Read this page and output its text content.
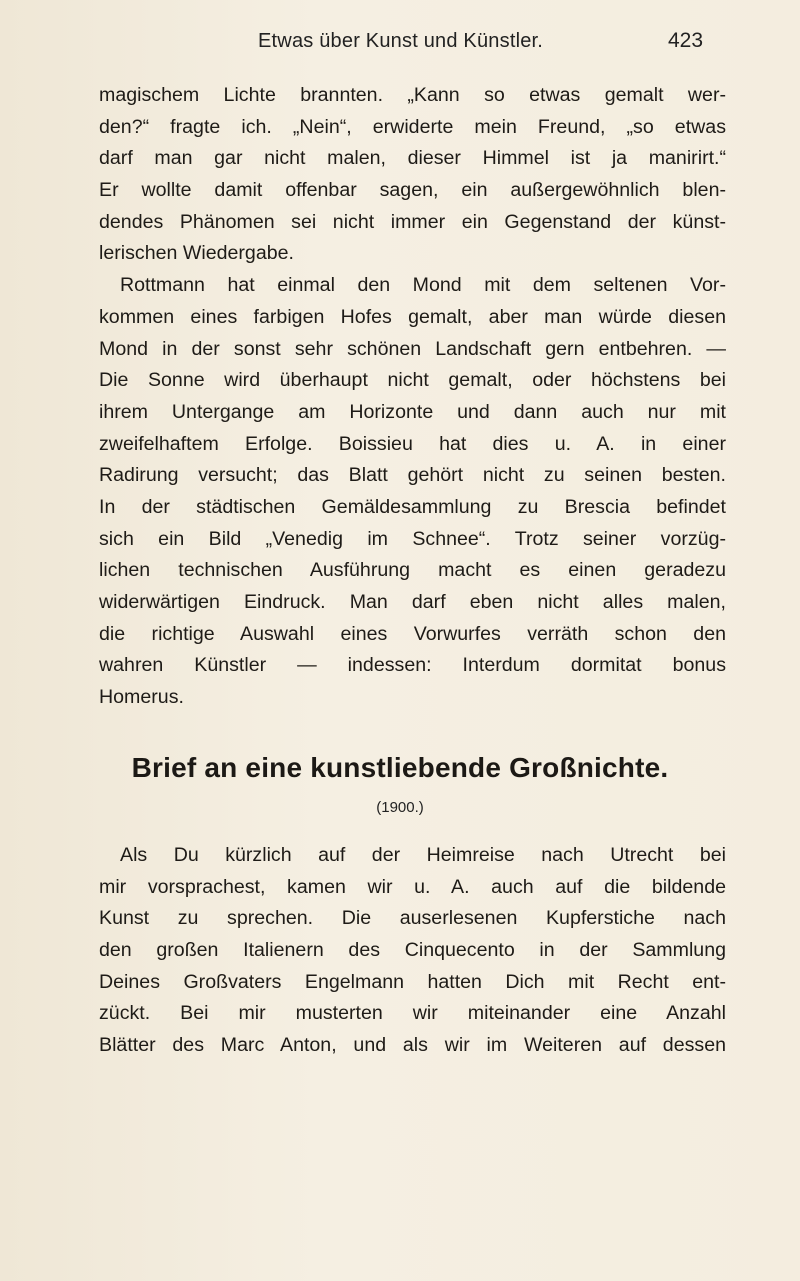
Etwas über Kunst und Künstler.	423
magischem Lichte brannten. „Kann so etwas gemalt wer-
den?“ fragte ich. „Nein“, erwiderte mein Freund, „so etwas
darf man gar nicht malen, dieser Himmel ist ja manirirt.“
Er wollte damit offenbar sagen, ein außergewöhnlich blen-
dendes Phänomen sei nicht immer ein Gegenstand der künst-
lerischen Wiedergabe.
Rottmann hat einmal den Mond mit dem seltenen Vor-
kommen eines farbigen Hofes gemalt, aber man würde diesen
Mond in der sonst sehr schönen Landschaft gern entbehren. —
Die Sonne wird überhaupt nicht gemalt, oder höchstens bei
ihrem Untergange am Horizonte und dann auch nur mit
zweifelhaftem Erfolge. Boissieu hat dies u. A. in einer
Radirung versucht; das Blatt gehört nicht zu seinen besten.
In der städtischen Gemäldesammlung zu Brescia befindet
sich ein Bild „Venedig im Schnee“. Trotz seiner vorzüg-
lichen technischen Ausführung macht es einen geradezu
widerwärtigen Eindruck. Man darf eben nicht alles malen,
die richtige Auswahl eines Vorwurfes verräth schon den
wahren Künstler — indessen: Interdum dormitat bonus
Homerus.
Brief an eine kunstliebende Großnichte.
(1900.)
Als Du kürzlich auf der Heimreise nach Utrecht bei
mir vorsprachest, kamen wir u. A. auch auf die bildende
Kunst zu sprechen. Die auserlesenen Kupferstiche nach
den großen Italienern des Cinquecento in der Sammlung
Deines Großvaters Engelmann hatten Dich mit Recht ent-
zückt. Bei mir musterten wir miteinander eine Anzahl
Blätter des Marc Anton, und als wir im Weiteren auf dessen
